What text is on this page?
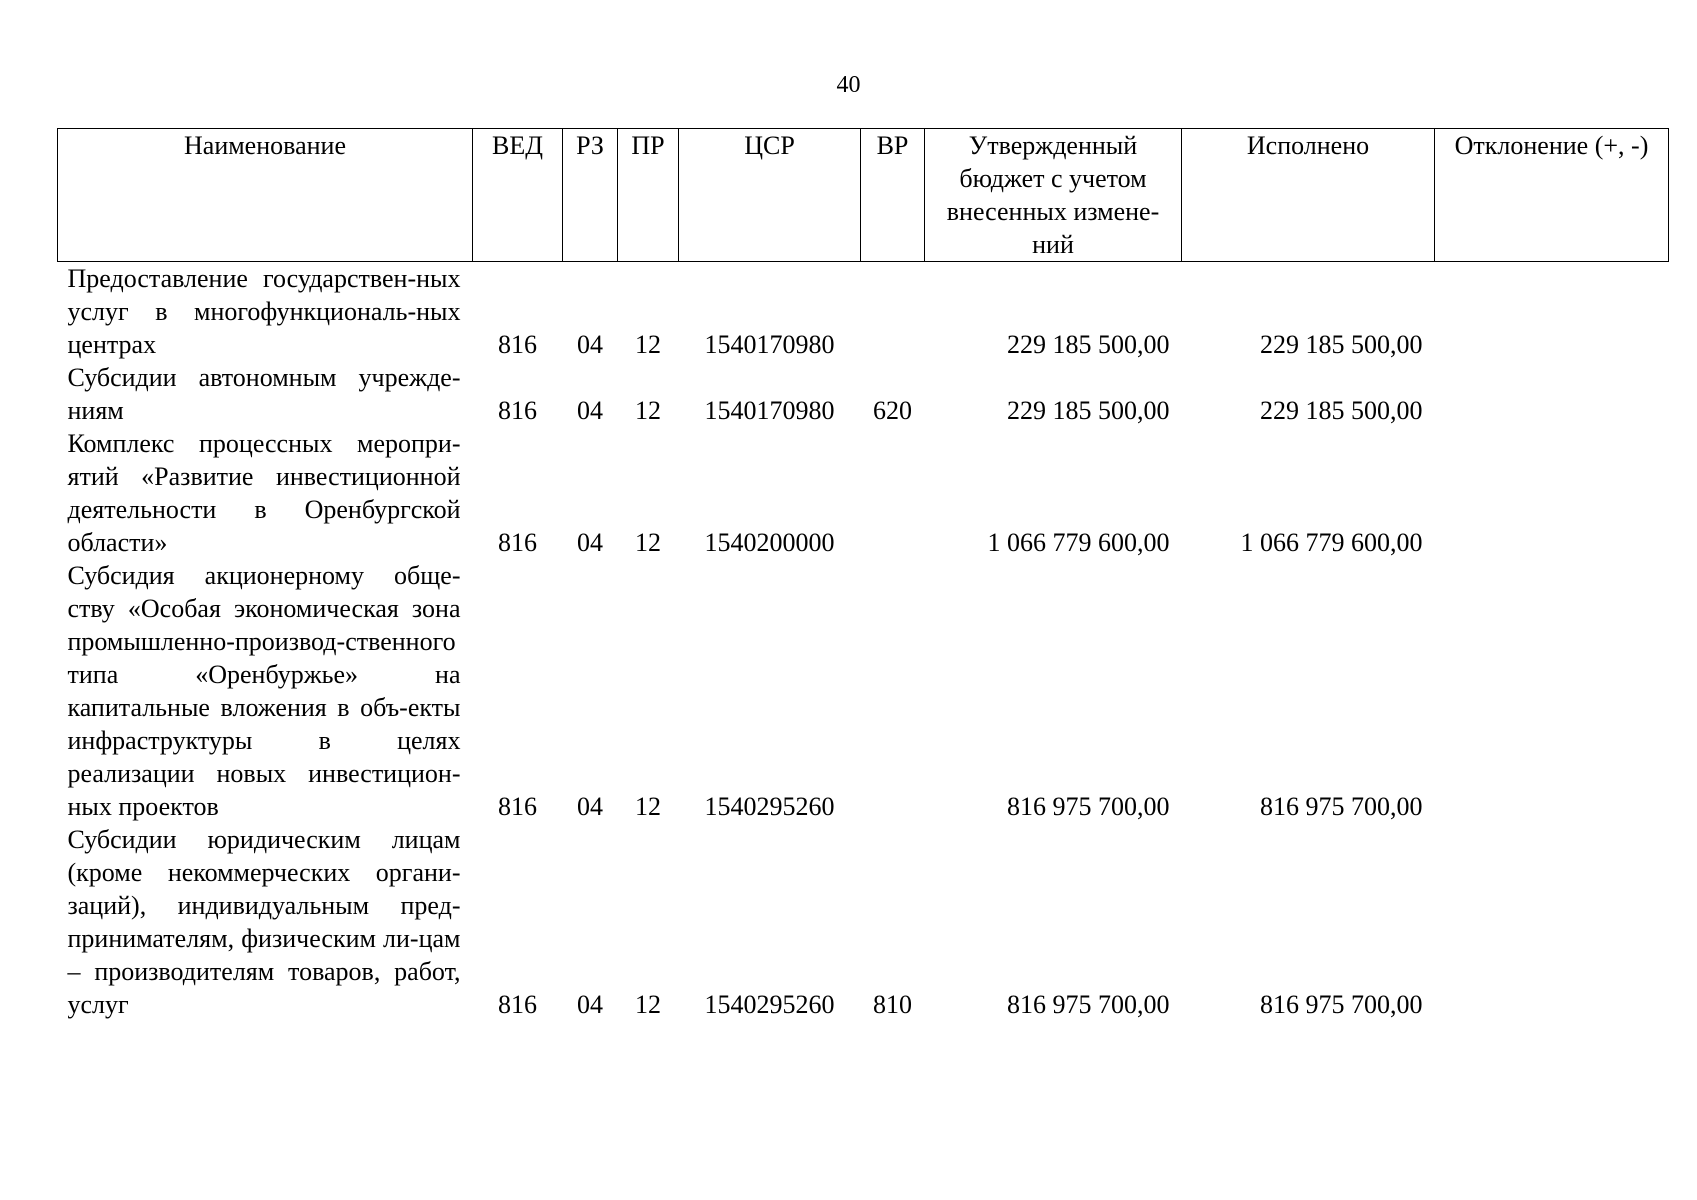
40
Наименование	ВЕД	РЗ	ПР	ЦСР	ВР	Утвержденный бюджет с учетом внесенных измене-ний	Исполнено	Отклонение (+, -)
Предоставление государствен-ных услуг в многофункциональ-ных центрах	816	04	12	1540170980		229 185 500,00	229 185 500,00	
Субсидии автономным учрежде-ниям	816	04	12	1540170980	620	229 185 500,00	229 185 500,00	
Комплекс процессных меропри-ятий «Развитие инвестиционной деятельности в Оренбургской области»	816	04	12	1540200000		1 066 779 600,00	1 066 779 600,00	
Субсидия акционерному обще-ству «Особая экономическая зона промышленно-производ-ственного типа «Оренбуржье» на капитальные вложения в объ-екты инфраструктуры в целях реализации новых инвестицион-ных проектов	816	04	12	1540295260		816 975 700,00	816 975 700,00	
Субсидии юридическим лицам (кроме некоммерческих органи-заций), индивидуальным пред-принимателям, физическим ли-цам – производителям товаров, работ, услуг	816	04	12	1540295260	810	816 975 700,00	816 975 700,00	
